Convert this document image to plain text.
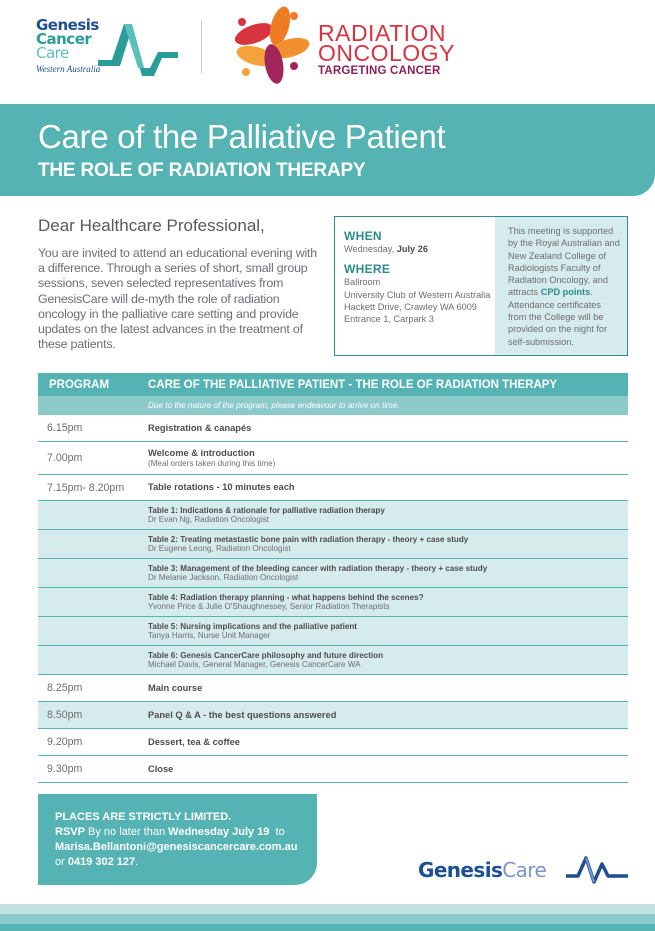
Genesis
Cancer
Care
Western Australia
RADIATION
ONCOLOGY
TARGETING CANCER
Care of the Palliative Patient
THE ROLE OF RADIATION THERAPY
Dear Healthcare Professional,
You are invited to attend an educational evening with a difference. Through a series of short, small group sessions, seven selected representatives from GenesisCare will de-myth the role of radiation oncology in the palliative care setting and provide updates on the latest advances in the treatment of these patients.
WHEN
Wednesday, July 26
WHERE
Ballroom
University Club of Western Australia
Hackett Drive, Crawley WA 6009
Entrance 1, Carpark 3
This meeting is supported by the Royal Australian and New Zealand College of Radiologists Faculty of Radiation Oncology, and attracts CPD points. Attendance certificates from the College will be provided on the night for self-submission.
PROGRAM	CARE OF THE PALLIATIVE PATIENT - THE ROLE OF RADIATION THERAPY
Due to the nature of the program, please endeavour to arrive on time.
6.15pm	Registration & canapés
7.00pm	Welcome & introduction
(Meal orders taken during this time)
7.15pm- 8.20pm	Table rotations - 10 minutes each
Table 1: Indications & rationale for palliative radiation therapy
Dr Evan Ng, Radiation Oncologist
Table 2: Treating metastastic bone pain with radiation therapy - theory + case study
Dr Eugene Leong, Radiation Oncologist
Table 3: Management of the bleeding cancer with radiation therapy - theory + case study
Dr Melanie Jackson, Radiation Oncologist
Table 4: Radiation therapy planning - what happens behind the scenes?
Yvonne Price & Julie O'Shaughnessey, Senior Radiation Therapists
Table 5: Nursing implications and the palliative patient
Tanya Harris, Nurse Unit Manager
Table 6: Genesis CancerCare philosophy and future direction
Michael Davis, General Manager, Genesis CancerCare WA
8.25pm	Main course
8.50pm	Panel Q & A - the best questions answered
9.20pm	Dessert, tea & coffee
9.30pm	Close
PLACES ARE STRICTLY LIMITED.
RSVP By no later than Wednesday July 19  to
Marisa.Bellantoni@genesiscancercare.com.au
or 0419 302 127.	GenesisCare
